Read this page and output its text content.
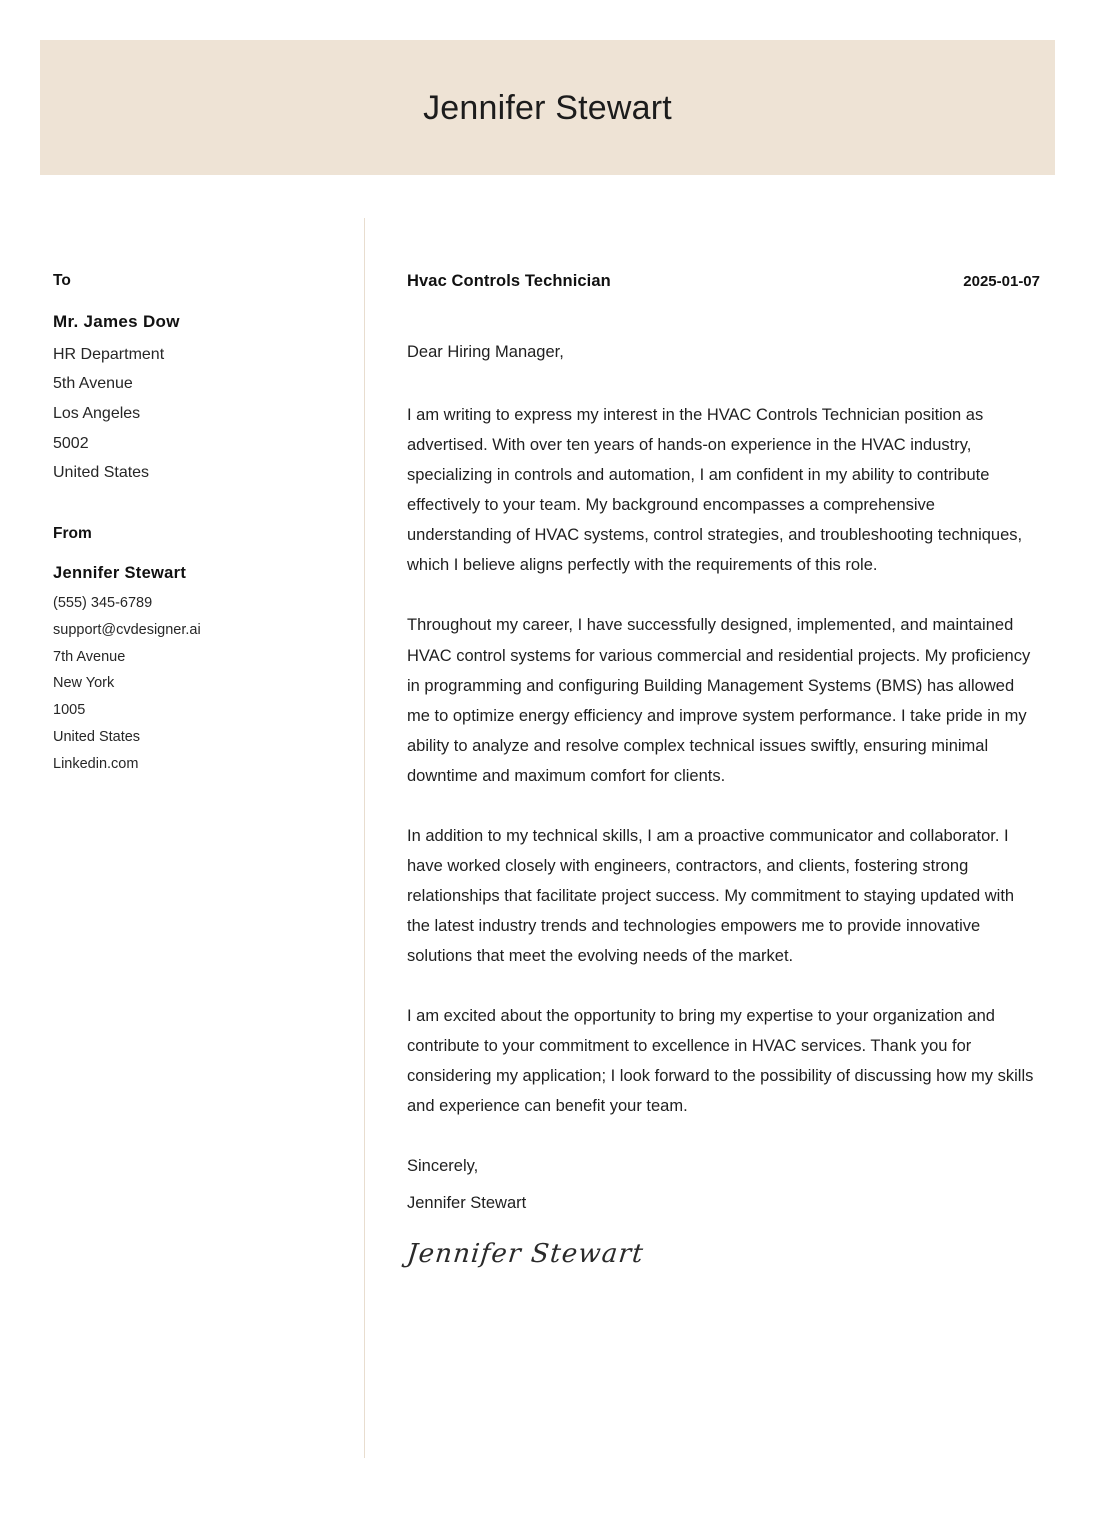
Jennifer Stewart
To
Mr. James Dow
HR Department
5th Avenue
Los Angeles
5002
United States
From
Jennifer Stewart
(555) 345-6789
support@cvdesigner.ai
7th Avenue
New York
1005
United States
Linkedin.com
Hvac Controls Technician	2025-01-07

Dear Hiring Manager,

I am writing to express my interest in the HVAC Controls Technician position as advertised. With over ten years of hands-on experience in the HVAC industry, specializing in controls and automation, I am confident in my ability to contribute effectively to your team. My background encompasses a comprehensive understanding of HVAC systems, control strategies, and troubleshooting techniques, which I believe aligns perfectly with the requirements of this role.

Throughout my career, I have successfully designed, implemented, and maintained HVAC control systems for various commercial and residential projects. My proficiency in programming and configuring Building Management Systems (BMS) has allowed me to optimize energy efficiency and improve system performance. I take pride in my ability to analyze and resolve complex technical issues swiftly, ensuring minimal downtime and maximum comfort for clients.

In addition to my technical skills, I am a proactive communicator and collaborator. I have worked closely with engineers, contractors, and clients, fostering strong relationships that facilitate project success. My commitment to staying updated with the latest industry trends and technologies empowers me to provide innovative solutions that meet the evolving needs of the market.

I am excited about the opportunity to bring my expertise to your organization and contribute to your commitment to excellence in HVAC services. Thank you for considering my application; I look forward to the possibility of discussing how my skills and experience can benefit your team.

Sincerely,

Jennifer Stewart

Jennifer Stewart
